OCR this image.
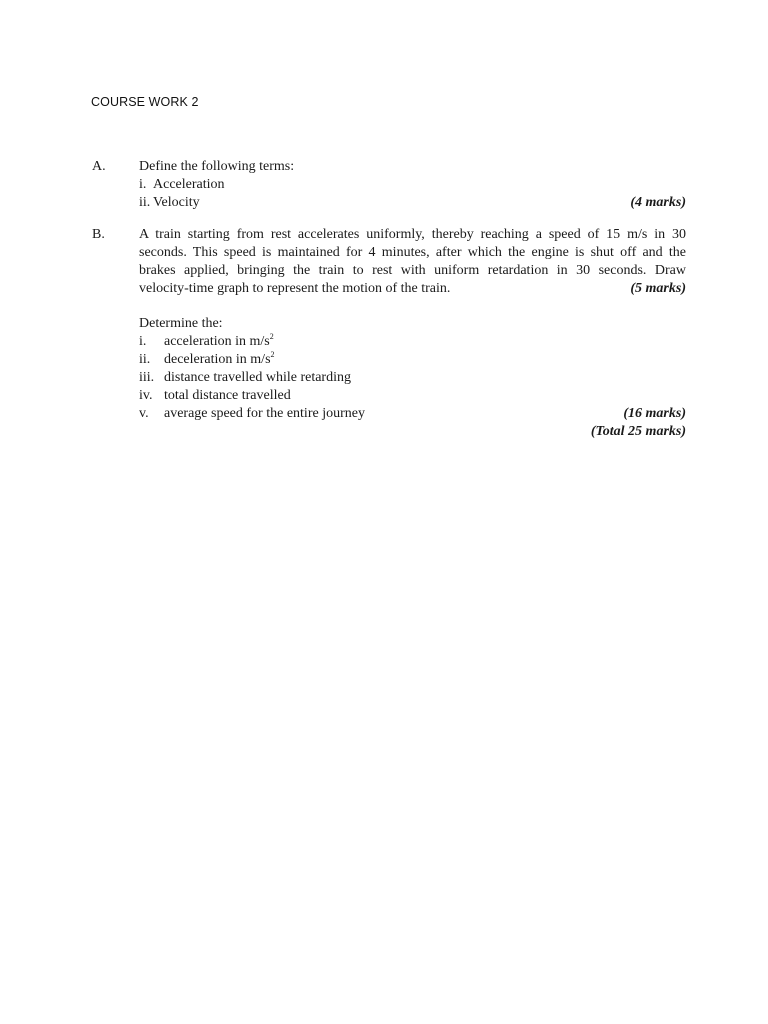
COURSE WORK 2
A.	Define the following terms:
i. Acceleration
ii. Velocity	(4 marks)
B.	A train starting from rest accelerates uniformly, thereby reaching a speed of 15 m/s in 30
seconds. This speed is maintained for 4 minutes, after which the engine is shut off and the
brakes applied, bringing the train to rest with uniform retardation in 30 seconds. Draw
velocity-time graph to represent the motion of the train.	(5 marks)
Determine the:
i.	acceleration in $m/s^2$
ii. deceleration in $m/s^2$
iii. distance travelled while retarding
iv. total distance travelled
v.	average speed for the entire journey	(16 marks)
(Total 25 marks)
